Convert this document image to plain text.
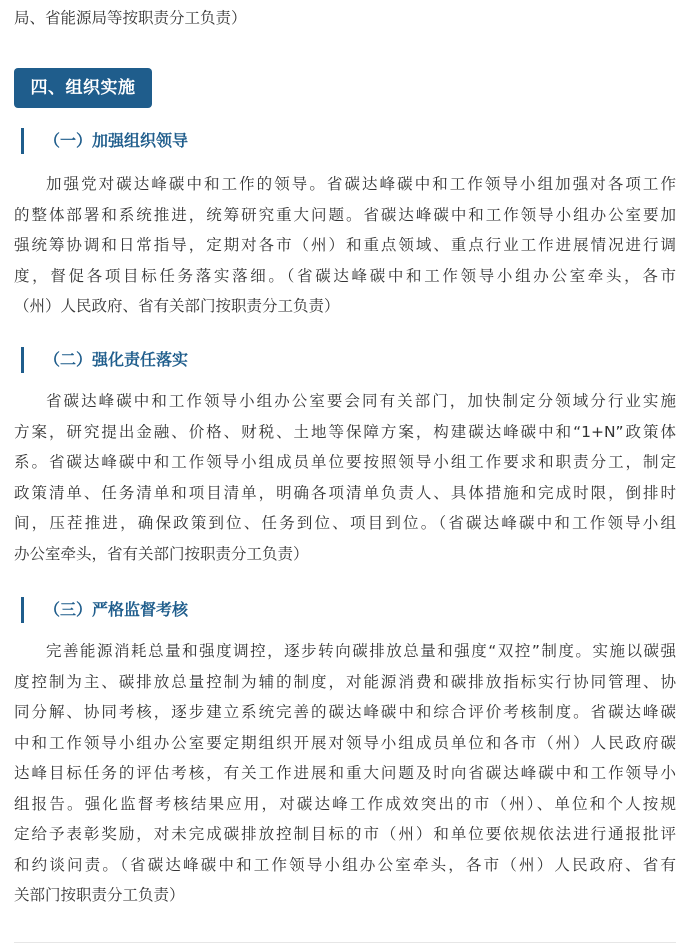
局、省能源局等按职责分工负责）
四、组织实施
（一）加强组织领导
加强党对碳达峰碳中和工作的领导。省碳达峰碳中和工作领导小组加强对各项工作
的整体部署和系统推进，统筹研究重大问题。省碳达峰碳中和工作领导小组办公室要加
强统筹协调和日常指导，定期对各市（州）和重点领域、重点行业工作进展情况进行调
度，督促各项目标任务落实落细。（省碳达峰碳中和工作领导小组办公室牵头，各市
（州）人民政府、省有关部门按职责分工负责）
（二）强化责任落实
省碳达峰碳中和工作领导小组办公室要会同有关部门，加快制定分领域分行业实施
方案，研究提出金融、价格、财税、土地等保障方案，构建碳达峰碳中和“1+N”政策体
系。省碳达峰碳中和工作领导小组成员单位要按照领导小组工作要求和职责分工，制定
政策清单、任务清单和项目清单，明确各项清单负责人、具体措施和完成时限，倒排时
间，压茬推进，确保政策到位、任务到位、项目到位。（省碳达峰碳中和工作领导小组
办公室牵头，省有关部门按职责分工负责）
（三）严格监督考核
完善能源消耗总量和强度调控，逐步转向碳排放总量和强度“双控”制度。实施以碳强
度控制为主、碳排放总量控制为辅的制度，对能源消费和碳排放指标实行协同管理、协
同分解、协同考核，逐步建立系统完善的碳达峰碳中和综合评价考核制度。省碳达峰碳
中和工作领导小组办公室要定期组织开展对领导小组成员单位和各市（州）人民政府碳
达峰目标任务的评估考核，有关工作进展和重大问题及时向省碳达峰碳中和工作领导小
组报告。强化监督考核结果应用，对碳达峰工作成效突出的市（州）、单位和个人按规
定给予表彰奖励，对未完成碳排放控制目标的市（州）和单位要依规依法进行通报批评
和约谈问责。（省碳达峰碳中和工作领导小组办公室牵头，各市（州）人民政府、省有
关部门按职责分工负责）
